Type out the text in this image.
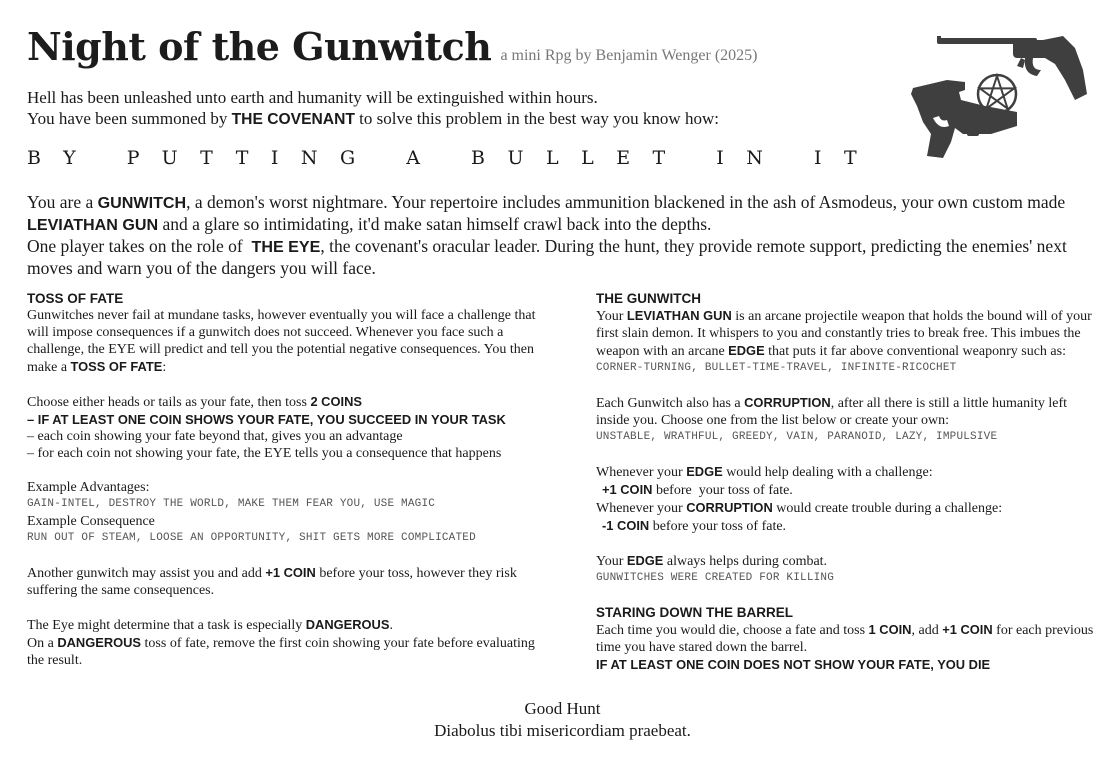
Night of the Gunwitch a mini Rpg by Benjamin Wenger (2025)
Hell has been unleashed unto earth and humanity will be extinguished within hours.
You have been summoned by THE COVENANT to solve this problem in the best way you know how:
BY PUTTING A BULLET IN IT
You are a GUNWITCH, a demon's worst nightmare. Your repertoire includes ammunition blackened in the ash of Asmodeus, your own custom made LEVIATHAN GUN and a glare so intimidating, it'd make satan himself crawl back into the depths.
One player takes on the role of  THE EYE, the covenant's oracular leader. During the hunt, they provide remote support, predicting the enemies' next moves and warn you of the dangers you will face.
TOSS OF FATE
Gunwitches never fail at mundane tasks, however eventually you will face a challenge that will impose consequences if a gunwitch does not succeed. Whenever you face such a challenge, the EYE will predict and tell you the potential negative consequences. You then make a TOSS OF FATE:
Choose either heads or tails as your fate, then toss 2 COINS
– IF AT LEAST ONE COIN SHOWS YOUR FATE, YOU SUCCEED IN YOUR TASK
– each coin showing your fate beyond that, gives you an advantage
– for each coin not showing your fate, the EYE tells you a consequence that happens
Example Advantages:
GAIN-INTEL, DESTROY THE WORLD, MAKE THEM FEAR YOU, USE MAGIC
Example Consequence
RUN OUT OF STEAM, LOOSE AN OPPORTUNITY, SHIT GETS MORE COMPLICATED
Another gunwitch may assist you and add +1 COIN before your toss, however they risk suffering the same consequences.
The Eye might determine that a task is especially DANGEROUS.
On a DANGEROUS toss of fate, remove the first coin showing your fate before evaluating the result.
THE GUNWITCH
Your LEVIATHAN GUN is an arcane projectile weapon that holds the bound will of your first slain demon. It whispers to you and constantly tries to break free. This imbues the weapon with an arcane EDGE that puts it far above conventional weaponry such as:
CORNER-TURNING, BULLET-TIME-TRAVEL, INFINITE-RICOCHET
Each Gunwitch also has a CORRUPTION, after all there is still a little humanity left inside you. Choose one from the list below or create your own:
UNSTABLE, WRATHFUL, GREEDY, VAIN, PARANOID, LAZY, IMPULSIVE
Whenever your EDGE would help dealing with a challenge:
+1 COIN before  your toss of fate.
Whenever your CORRUPTION would create trouble during a challenge:
-1 COIN before your toss of fate.
Your EDGE always helps during combat.
GUNWITCHES WERE CREATED FOR KILLING
STARING DOWN THE BARREL
Each time you would die, choose a fate and toss 1 COIN, add +1 COIN for each previous time you have stared down the barrel.
IF AT LEAST ONE COIN DOES NOT SHOW YOUR FATE, YOU DIE
Good Hunt
Diabolus tibi misericordiam praebeat.
